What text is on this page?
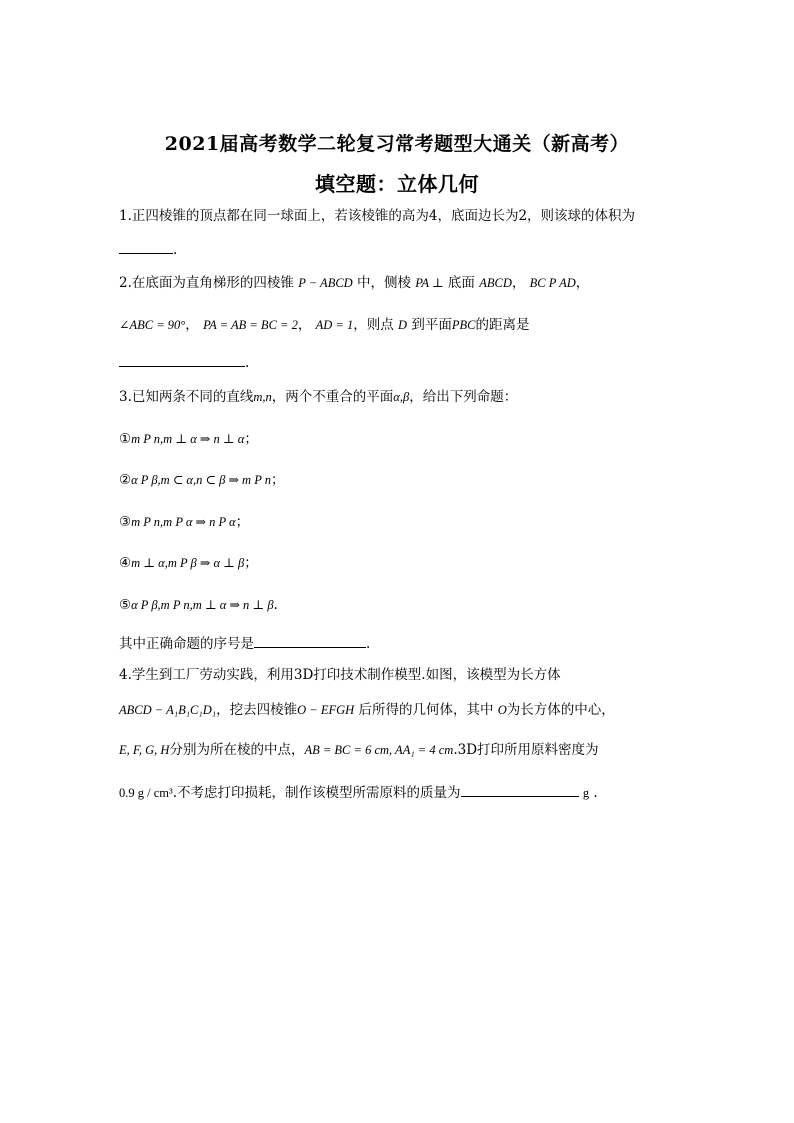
2021届高考数学二轮复习常考题型大通关（新高考）
填空题：立体几何
1.正四棱锥的顶点都在同一球面上，若该棱锥的高为4，底面边长为2，则该球的体积为
.
2.在底面为直角梯形的四棱锥 P − ABCD 中，侧棱 PA ⊥ 底面 ABCD， BC P AD，
∠ABC = 90°， PA = AB = BC = 2， AD = 1，则点 D 到平面PBC的距离是
.
3.已知两条不同的直线m,n，两个不重合的平面α,β，给出下列命题：
①m P n,m ⊥ α ⇒ n ⊥ α；
②α P β,m ⊂ α,n ⊂ β ⇒ m P n；
③m P n,m P α ⇒ n P α；
④m ⊥ α,m P β ⇒ α ⊥ β；
⑤α P β,m P n,m ⊥ α ⇒ n ⊥ β.
其中正确命题的序号是	.
4.学生到工厂劳动实践，利用3D打印技术制作模型.如图，该模型为长方体
ABCD − A₁B₁C₁D₁，挖去四棱锥O − EFGH 后所得的几何体，其中 O为长方体的中心，
E, F, G, H分别为所在棱的中点，AB = BC = 6 cm, AA₁ = 4 cm.3D打印所用原料密度为
0.9 g / cm³.不考虑打印损耗，制作该模型所需原料的质量为	g .
